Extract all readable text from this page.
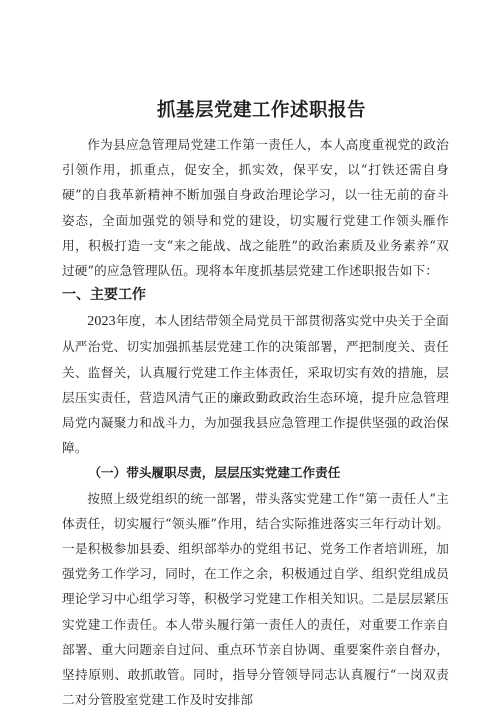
抓基层党建工作述职报告

作为县应急管理局党建工作第一责任人，本人高度重视党的政治引领作用，抓重点，促安全，抓实效，保平安，以“打铁还需自身硬”的自我革新精神不断加强自身政治理论学习，以一往无前的奋斗姿态，全面加强党的领导和党的建设，切实履行党建工作领头雁作用，积极打造一支“来之能战、战之能胜”的政治素质及业务素养“双过硬”的应急管理队伍。现将本年度抓基层党建工作述职报告如下：

一、主要工作

2023年度，本人团结带领全局党员干部贯彻落实党中央关于全面从严治党、切实加强抓基层党建工作的决策部署，严把制度关、责任关、监督关，认真履行党建工作主体责任，采取切实有效的措施，层层压实责任，营造风清气正的廉政勤政政治生态环境，提升应急管理局党内凝聚力和战斗力，为加强我县应急管理工作提供坚强的政治保障。

（一）带头履职尽责，层层压实党建工作责任

按照上级党组织的统一部署，带头落实党建工作“第一责任人”主体责任，切实履行“领头雁”作用，结合实际推进落实三年行动计划。一是积极参加县委、组织部举办的党组书记、党务工作者培训班，加强党务工作学习，同时，在工作之余，积极通过自学、组织党组成员理论学习中心组学习等，积极学习党建工作相关知识。二是层层紧压实党建工作责任。本人带头履行第一责任人的责任，对重要工作亲自部署、重大问题亲自过问、重点环节亲自协调、重要案件亲自督办，坚持原则、敢抓敢管。同时，指导分管领导同志认真履行“一岗双责二对分管股室党建工作及时安排部
